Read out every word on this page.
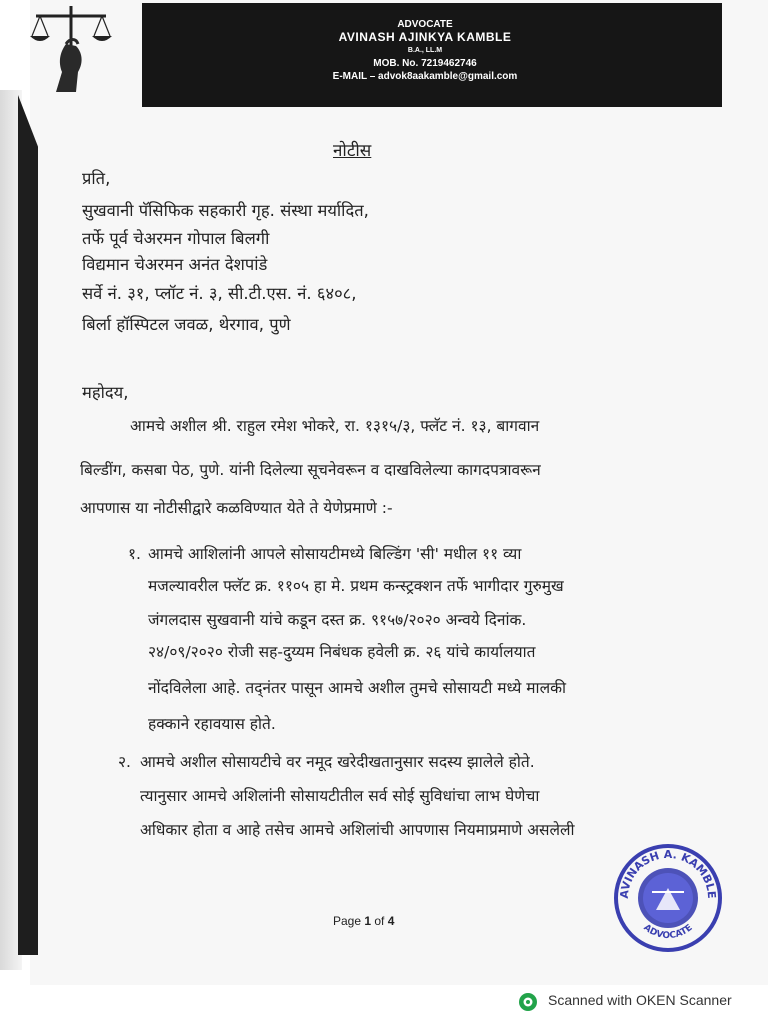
ADVOCATE
AVINASH AJINKYA KAMBLE
B.A., LL.M
MOB. No. 7219462746
E-MAIL – advok8aakamble@gmail.com
नोटीस
प्रति,
सुखवानी पॅसिफिक सहकारी गृह. संस्था मर्यादित,
तर्फे पूर्व चेअरमन गोपाल बिलगी
विद्यमान चेअरमन अनंत देशपांडे
सर्वे नं. ३१, प्लॉट नं. ३, सी.टी.एस. नं. ६४०८,
बिर्ला हॉस्पिटल जवळ, थेरगाव, पुणे
महोदय,
आमचे अशील श्री. राहुल रमेश भोकरे, रा. १३१५/३, फ्लॅट नं. १३, बागवान
बिल्डींग, कसबा पेठ, पुणे. यांनी दिलेल्या सूचनेवरून व दाखविलेल्या कागदपत्रावरून
आपणास या नोटीसीद्वारे कळविण्यात येते ते येणेप्रमाणे :-
१. आमचे आशिलांनी आपले सोसायटीमध्ये बिल्डिंग 'सी' मधील ११ व्या
मजल्यावरील फ्लॅट क्र. ११०५ हा मे. प्रथम कन्स्ट्रक्शन तर्फे भागीदार गुरुमुख
जंगलदास सुखवानी यांचे कडून दस्त क्र. ९१५७/२०२० अन्वये दिनांक.
२४/०९/२०२० रोजी सह-दुय्यम निबंधक हवेली क्र. २६ यांचे कार्यालयात
नोंदविलेला आहे. तद्नंतर पासून आमचे अशील तुमचे सोसायटी मध्ये मालकी
हक्काने रहावयास होते.
२. आमचे अशील सोसायटीचे वर नमूद खरेदीखतानुसार सदस्य झालेले होते.
त्यानुसार आमचे अशिलांनी सोसायटीतील सर्व सोई सुविधांचा लाभ घेणेचा
अधिकार होता व आहे तसेच आमचे अशिलांची आपणास नियमाप्रमाणे असलेली
Page 1 of 4
AVINASH A. KAMBLE
ADVOCATE
Scanned with OKEN Scanner
